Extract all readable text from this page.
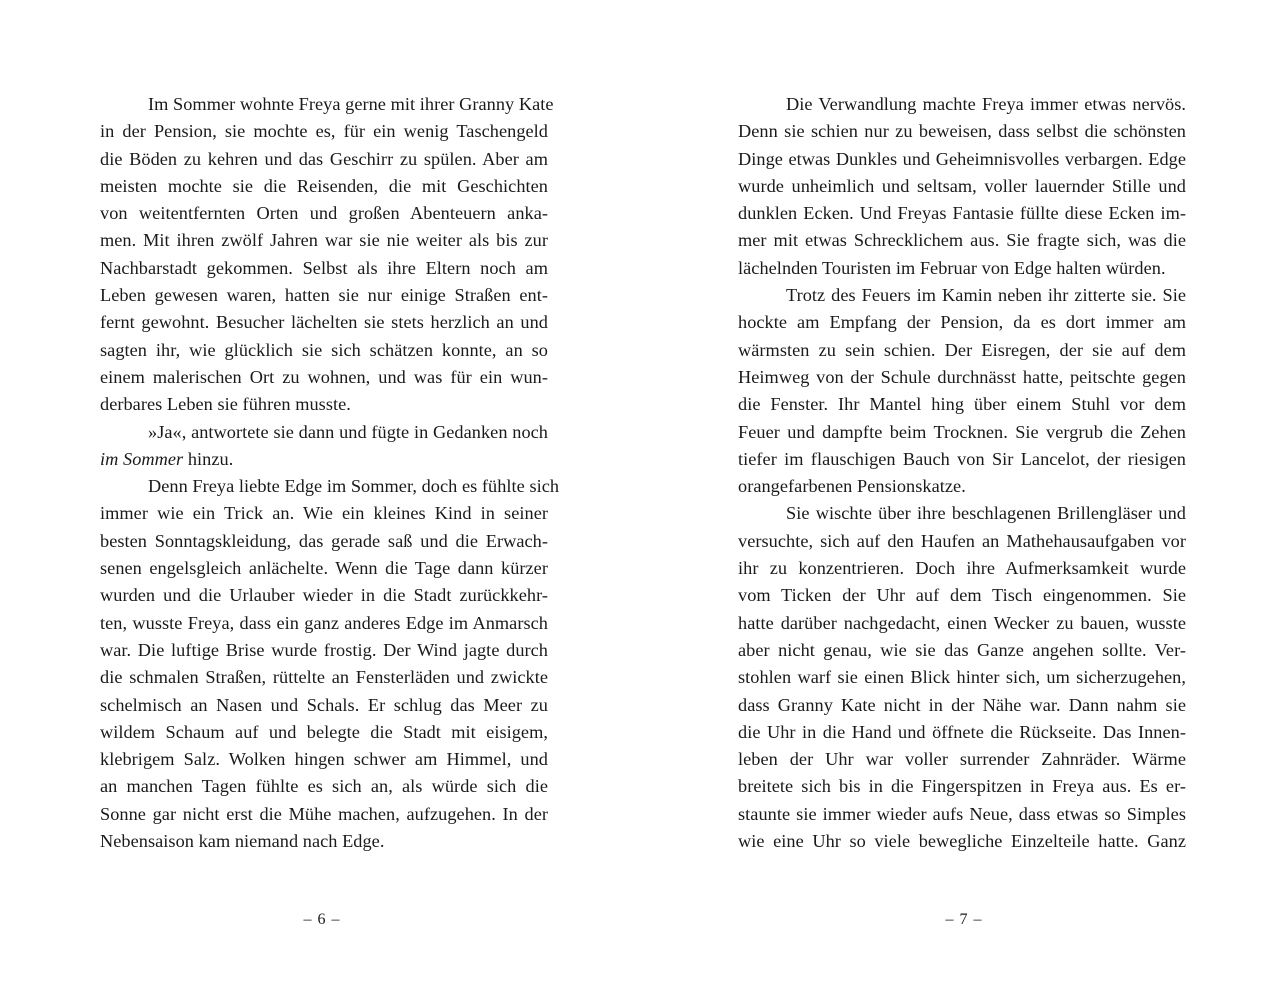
Im Sommer wohnte Freya gerne mit ihrer Granny Kate
in der Pension, sie mochte es, für ein wenig Taschengeld
die Böden zu kehren und das Geschirr zu spülen. Aber am
meisten mochte sie die Reisenden, die mit Geschichten
von weitentfernten Orten und großen Abenteuern anka-
men. Mit ihren zwölf Jahren war sie nie weiter als bis zur
Nachbarstadt gekommen. Selbst als ihre Eltern noch am
Leben gewesen waren, hatten sie nur einige Straßen ent-
fernt gewohnt. Besucher lächelten sie stets herzlich an und
sagten ihr, wie glücklich sie sich schätzen konnte, an so
einem malerischen Ort zu wohnen, und was für ein wun-
derbares Leben sie führen musste.

»Ja«, antwortete sie dann und fügte in Gedanken noch
im Sommer hinzu.

Denn Freya liebte Edge im Sommer, doch es fühlte sich
immer wie ein Trick an. Wie ein kleines Kind in seiner
besten Sonntagskleidung, das gerade saß und die Erwach-
senen engelsgleich anlächelte. Wenn die Tage dann kürzer
wurden und die Urlauber wieder in die Stadt zurückkehr-
ten, wusste Freya, dass ein ganz anderes Edge im Anmarsch
war. Die luftige Brise wurde frostig. Der Wind jagte durch
die schmalen Straßen, rüttelte an Fensterläden und zwickte
schelmisch an Nasen und Schals. Er schlug das Meer zu
wildem Schaum auf und belegte die Stadt mit eisigem,
klebrigem Salz. Wolken hingen schwer am Himmel, und
an manchen Tagen fühlte es sich an, als würde sich die
Sonne gar nicht erst die Mühe machen, aufzugehen. In der
Nebensaison kam niemand nach Edge.

– 6 –

Die Verwandlung machte Freya immer etwas nervös.
Denn sie schien nur zu beweisen, dass selbst die schönsten
Dinge etwas Dunkles und Geheimnisvolles verbargen. Edge
wurde unheimlich und seltsam, voller lauernder Stille und
dunklen Ecken. Und Freyas Fantasie füllte diese Ecken im-
mer mit etwas Schrecklichem aus. Sie fragte sich, was die
lächelnden Touristen im Februar von Edge halten würden.

Trotz des Feuers im Kamin neben ihr zitterte sie. Sie
hockte am Empfang der Pension, da es dort immer am
wärmsten zu sein schien. Der Eisregen, der sie auf dem
Heimweg von der Schule durchnässt hatte, peitschte gegen
die Fenster. Ihr Mantel hing über einem Stuhl vor dem
Feuer und dampfte beim Trocknen. Sie vergrub die Zehen
tiefer im flauschigen Bauch von Sir Lancelot, der riesigen
orangefarbenen Pensionskatze.

Sie wischte über ihre beschlagenen Brillengläser und
versuchte, sich auf den Haufen an Mathehausaufgaben vor
ihr zu konzentrieren. Doch ihre Aufmerksamkeit wurde
vom Ticken der Uhr auf dem Tisch eingenommen. Sie
hatte darüber nachgedacht, einen Wecker zu bauen, wusste
aber nicht genau, wie sie das Ganze angehen sollte. Ver-
stohlen warf sie einen Blick hinter sich, um sicherzugehen,
dass Granny Kate nicht in der Nähe war. Dann nahm sie
die Uhr in die Hand und öffnete die Rückseite. Das Innen-
leben der Uhr war voller surrender Zahnräder. Wärme
breitete sich bis in die Fingerspitzen in Freya aus. Es er-
staunte sie immer wieder aufs Neue, dass etwas so Simples
wie eine Uhr so viele bewegliche Einzelteile hatte. Ganz

– 7 –
